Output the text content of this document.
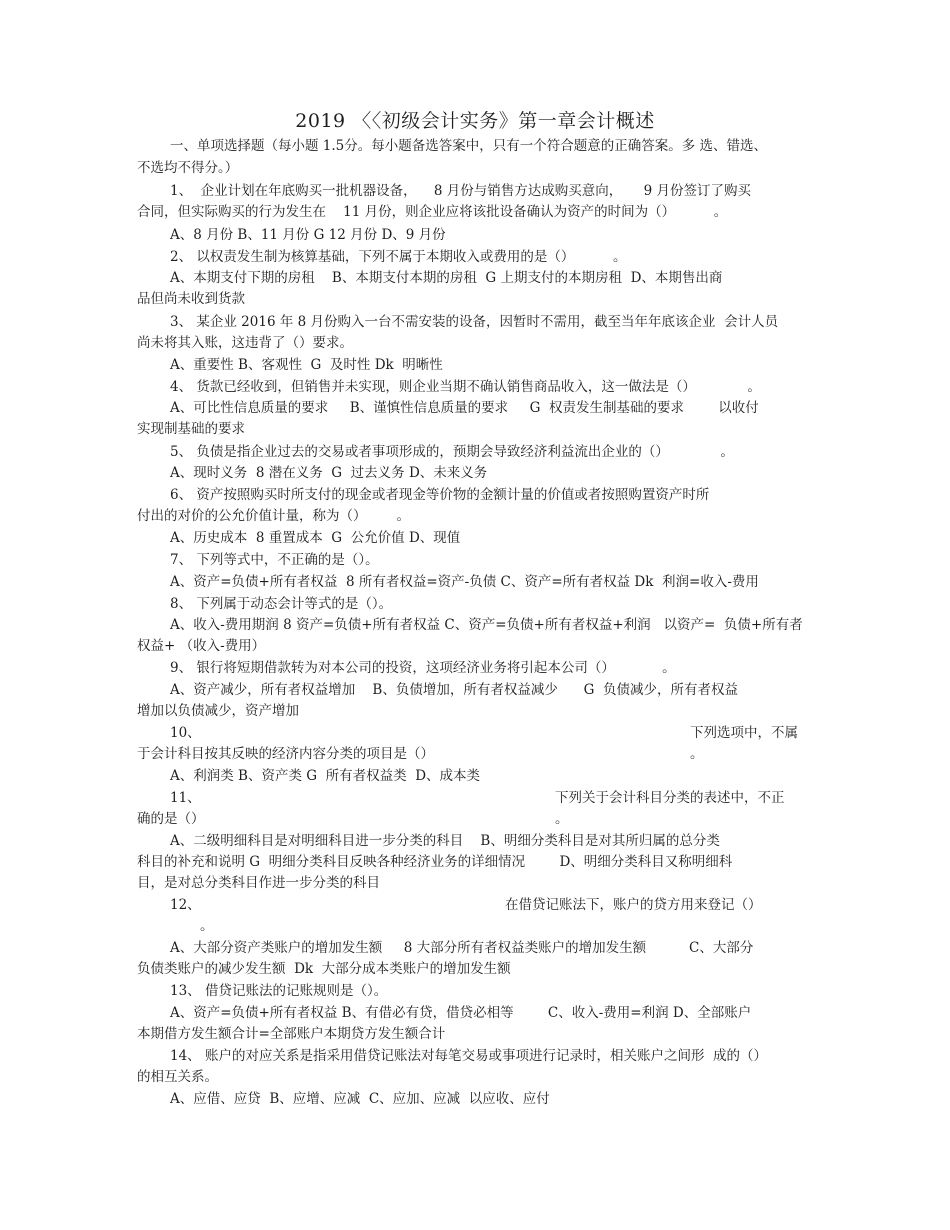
2019 〈〈初级会计实务》第一章会计概述
一、单项选择题（每小题 1.5分。每小题备选答案中，只有一个符合题意的正确答案。多 选、错选、
不选均不得分。）
1、  企业计划在年底购买一批机器设备，    8 月份与销售方达成购买意向，     9 月份签订了购买
合同，但实际购买的行为发生在    11 月份，则企业应将该批设备确认为资产的时间为（）         。
A、8 月份 B、11 月份 G 12 月份 D、9 月份
2、 以权责发生制为核算基础，下列不属于本期收入或费用的是（）         。
A、本期支付下期的房租    B、本期支付本期的房租  G 上期支付的本期房租  D、本期售出商
品但尚未收到货款
3、 某企业 2016 年 8 月份购入一台不需安装的设备，因暂时不需用，截至当年年底该企业  会计人员
尚未将其入账，这违背了（）要求。
A、重要性 B、客观性  G  及时性 Dk  明晰性
4、 货款已经收到，但销售并未实现，则企业当期不确认销售商品收入，这一做法是（）            。
A、可比性信息质量的要求     B、谨慎性信息质量的要求     G  权责发生制基础的要求        以收付
实现制基础的要求
5、 负债是指企业过去的交易或者事项形成的，预期会导致经济利益流出企业的（）            。
A、现时义务  8 潜在义务  G  过去义务 D、未来义务
6、 资产按照购买时所支付的现金或者现金等价物的金额计量的价值或者按照购置资产时所
付出的对价的公允价值计量，称为（）       。
A、历史成本  8 重置成本  G  公允价值 D、现值
7、 下列等式中，不正确的是（）。
A、资产=负债+所有者权益  8 所有者权益=资产-负债 C、资产=所有者权益 Dk  利润=收入-费用
8、 下列属于动态会计等式的是（）。
A、收入-费用期润 8 资产=负债+所有者权益 C、资产=负债+所有者权益+利润   以资产=  负债+所有者
权益+ （收入-费用）
9、 银行将短期借款转为对本公司的投资，这项经济业务将引起本公司（）           。
A、资产减少，所有者权益增加    B、负债增加，所有者权益减少      G  负债减少，所有者权益
增加以负债减少，资产增加
10、	下列选项中，不属
于会计科目按其反映的经济内容分类的项目是（）	。
A、利润类 B、资产类 G  所有者权益类  D、成本类
11、	下列关于会计科目分类的表述中，不正
确的是（）	。
A、二级明细科目是对明细科目进一步分类的科目    B、明细分类科目是对其所归属的总分类
科目的补充和说明 G  明细分类科目反映各种经济业务的详细情况        D、明细分类科目又称明细科
目，是对总分类科目作进一步分类的科目
12、	在借贷记账法下，账户的贷方用来登记（）
。
A、大部分资产类账户的增加发生额     8 大部分所有者权益类账户的增加发生额          C、大部分
负债类账户的减少发生额  Dk  大部分成本类账户的增加发生额
13、 借贷记账法的记账规则是（）。
A、资产=负债+所有者权益 B、有借必有贷，借贷必相等        C、收入-费用=利润 D、全部账户
本期借方发生额合计=全部账户本期贷方发生额合计
14、 账户的对应关系是指采用借贷记账法对每笔交易或事项进行记录时，相关账户之间形  成的（）
的相互关系。
A、应借、应贷  B、应增、应减  C、应加、应减  以应收、应付
